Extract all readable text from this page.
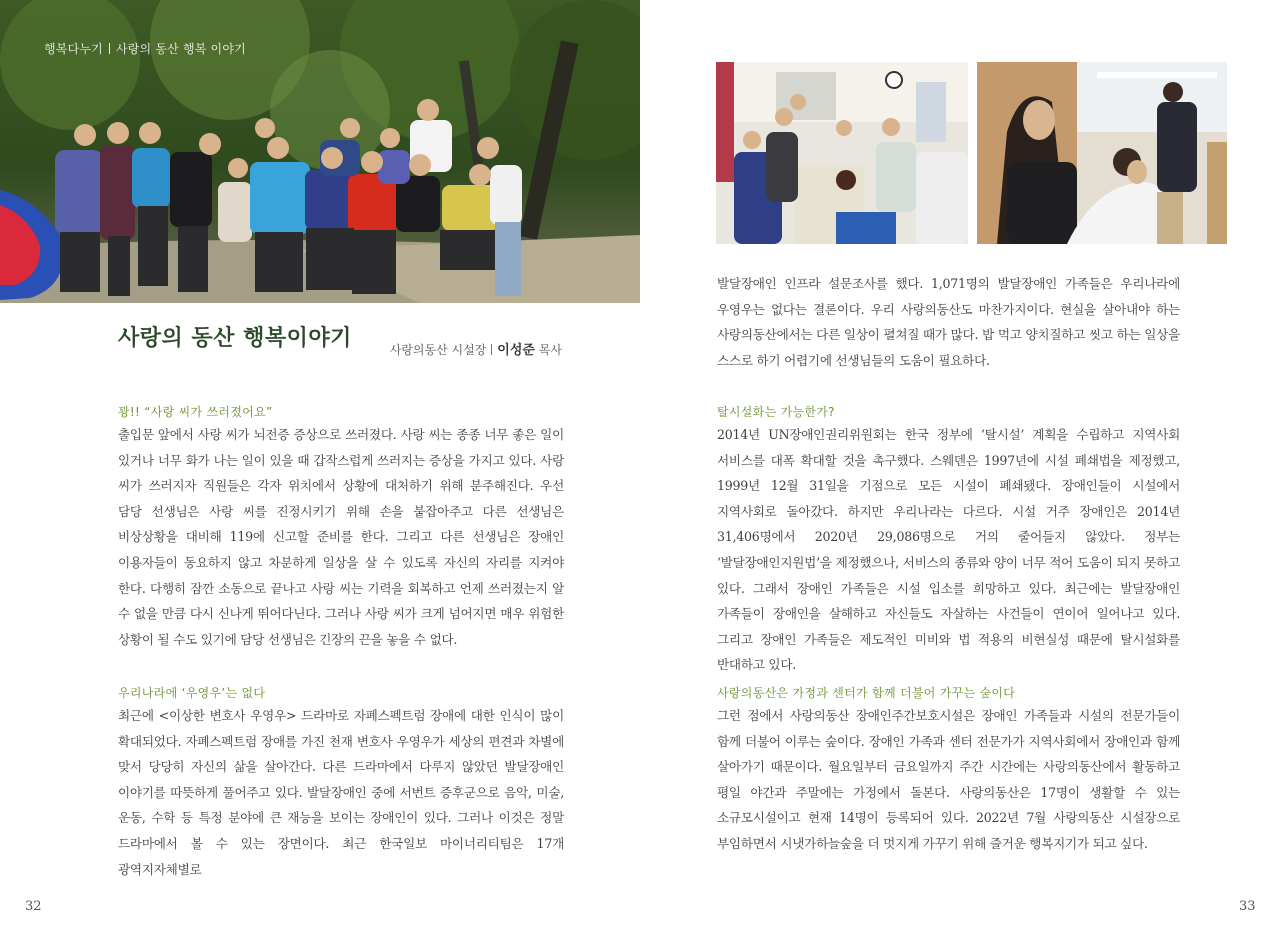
행복다누기 사랑의 동산 행복 이야기
사랑의 동산 행복이야기	사랑의동산 시설장 이성준 목사
꽝!! “사랑 씨가 쓰러졌어요”
출입문 앞에서 사랑 씨가 뇌전증 증상으로 쓰러졌다. 사랑 씨는 종종 너무 좋은 일이 있거나 너무 화가 나는 일이 있을 때 갑작스럽게 쓰러지는 증상을 가지고 있다. 사랑 씨가 쓰러지자 직원들은 각자 위치에서 상황에 대처하기 위해 분주해진다. 우선 담당 선생님은 사랑 씨를 진정시키기 위해 손을 붙잡아주고 다른 선생님은 비상상황을 대비해 119에 신고할 준비를 한다. 그리고 다른 선생님은 장애인 이용자들이 동요하지 않고 차분하게 일상을 살 수 있도록 자신의 자리를 지켜야 한다. 다행히 잠깐 소동으로 끝나고 사랑 씨는 기력을 회복하고 언제 쓰러졌는지 알 수 없을 만큼 다시 신나게 뛰어다닌다. 그러나 사랑 씨가 크게 넘어지면 매우 위험한 상황이 될 수도 있기에 담당 선생님은 긴장의 끈을 놓을 수 없다.
우리나라에 ‘우영우’는 없다
최근에 <이상한 변호사 우영우> 드라마로 자폐스펙트럼 장애에 대한 인식이 많이 확대되었다. 자폐스펙트럼 장애를 가진 천재 변호사 우영우가 세상의 편견과 차별에 맞서 당당히 자신의 삶을 살아간다. 다른 드라마에서 다루지 않았던 발달장애인 이야기를 따뜻하게 풀어주고 있다. 발달장애인 중에 서번트 증후군으로 음악, 미술, 운동, 수학 등 특정 분야에 큰 재능을 보이는 장애인이 있다. 그러나 이것은 정말 드라마에서 볼 수 있는 장면이다. 최근 한국일보 마이너리티팀은 17개 광역지자체별로
32
발달장애인 인프라 설문조사를 했다. 1,071명의 발달장애인 가족들은 우리나라에 우영우는 없다는 결론이다. 우리 사랑의동산도 마찬가지이다. 현실을 살아내야 하는 사랑의동산에서는 다른 일상이 펼쳐질 때가 많다. 밥 먹고 양치질하고 씻고 하는 일상을 스스로 하기 어렵기에 선생님들의 도움이 필요하다.
탈시설화는 가능한가?
2014년 UN장애인권리위원회는 한국 정부에 ‘탈시설’ 계획을 수립하고 지역사회 서비스를 대폭 확대할 것을 촉구했다. 스웨덴은 1997년에 시설 폐쇄법을 제정했고, 1999년 12월 31일을 기점으로 모든 시설이 폐쇄됐다. 장애인들이 시설에서 지역사회로 돌아갔다. 하지만 우리나라는 다르다. 시설 거주 장애인은 2014년 31,406명에서 2020년 29,086명으로 거의 줄어들지 않았다. 정부는 ‘발달장애인지원법’을 제정했으나, 서비스의 종류와 양이 너무 적어 도움이 되지 못하고 있다. 그래서 장애인 가족들은 시설 입소를 희망하고 있다. 최근에는 발달장애인 가족들이 장애인을 살해하고 자신들도 자살하는 사건들이 연이어 일어나고 있다. 그리고 장애인 가족들은 제도적인 미비와 법 적용의 비현실성 때문에 탈시설화를 반대하고 있다.
사랑의동산은 가정과 센터가 함께 더불어 가꾸는 숲이다
그런 점에서 사랑의동산 장애인주간보호시설은 장애인 가족들과 시설의 전문가들이 함께 더불어 이루는 숲이다. 장애인 가족과 센터 전문가가 지역사회에서 장애인과 함께 살아가기 때문이다. 월요일부터 금요일까지 주간 시간에는 사랑의동산에서 활동하고 평일 야간과 주말에는 가정에서 돌본다. 사랑의동산은 17명이 생활할 수 있는 소규모시설이고 현재 14명이 등록되어 있다. 2022년 7월 사랑의동산 시설장으로 부임하면서 시냇가하늘숲을 더 멋지게 가꾸기 위해 즐거운 행복지기가 되고 싶다.
33
